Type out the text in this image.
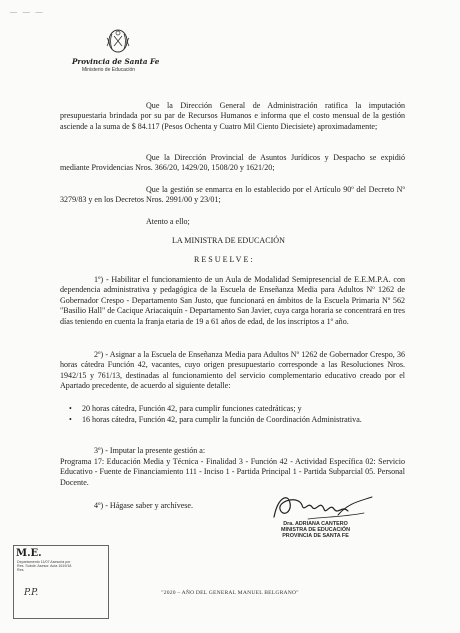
— — —
Provincia de Santa Fe
Ministerio de Educación

Que la Dirección General de Administración ratifica la imputación presupuestaria brindada por su par de Recursos Humanos e informa que el costo mensual de la gestión asciende a la suma de $ 84.117 (Pesos Ochenta y Cuatro Mil Ciento Diecisiete) aproximadamente;

Que la Dirección Provincial de Asuntos Jurídicos y Despacho se expidió mediante Providencias Nros. 366/20, 1429/20, 1508/20 y 1621/20;

Que la gestión se enmarca en lo establecido por el Artículo 90º del Decreto Nº 3279/83 y en los Decretos Nros. 2991/00 y 23/01;

Atento a ello;

LA MINISTRA DE EDUCACIÓN

RESUELVE:

1º) - Habilitar el funcionamiento de un Aula de Modalidad Semipresencial de E.E.M.P.A. con dependencia administrativa y pedagógica de la Escuela de Enseñanza Media para Adultos Nº 1262 de Gobernador Crespo - Departamento San Justo, que funcionará en ámbitos de la Escuela Primaria Nº 562 "Basilio Hall" de Cacique Ariacaiquín - Departamento San Javier, cuya carga horaria se concentrará en tres días teniendo en cuenta la franja etaria de 19 a 61 años de edad, de los inscriptos a 1º año.

2º) - Asignar a la Escuela de Enseñanza Media para Adultos Nº 1262 de Gobernador Crespo, 36 horas cátedra Función 42, vacantes, cuyo origen presupuestario corresponde a las Resoluciones Nros. 1942/15 y 761/13, destinadas al funcionamiento del servicio complementario educativo creado por el Apartado precedente, de acuerdo al siguiente detalle:

• 20 horas cátedra, Función 42, para cumplir funciones catedráticas; y

• 16 horas cátedra, Función 42, para cumplir la función de Coordinación Administrativa.

3º) - Imputar la presente gestión a:

Programa 17: Educación Media y Técnica - Finalidad 3 - Función 42 - Actividad Específica 02: Servicio Educativo - Fuente de Financiamiento 111 - Inciso 1 - Partida Principal 1 - Partida Subparcial 05. Personal Docente.

4º) - Hágase saber y archívese.

Dra. ADRIANA CANTERO
MINISTRA DE EDUCACIÓN
PROVINCIA DE SANTA FE
M.E.
Departamento 11/07 Asesoria por Res. Subdir. Asesor. Acta 1619/18 Res.
P.P.	"2020 – AÑO DEL GENERAL MANUEL BELGRANO"
